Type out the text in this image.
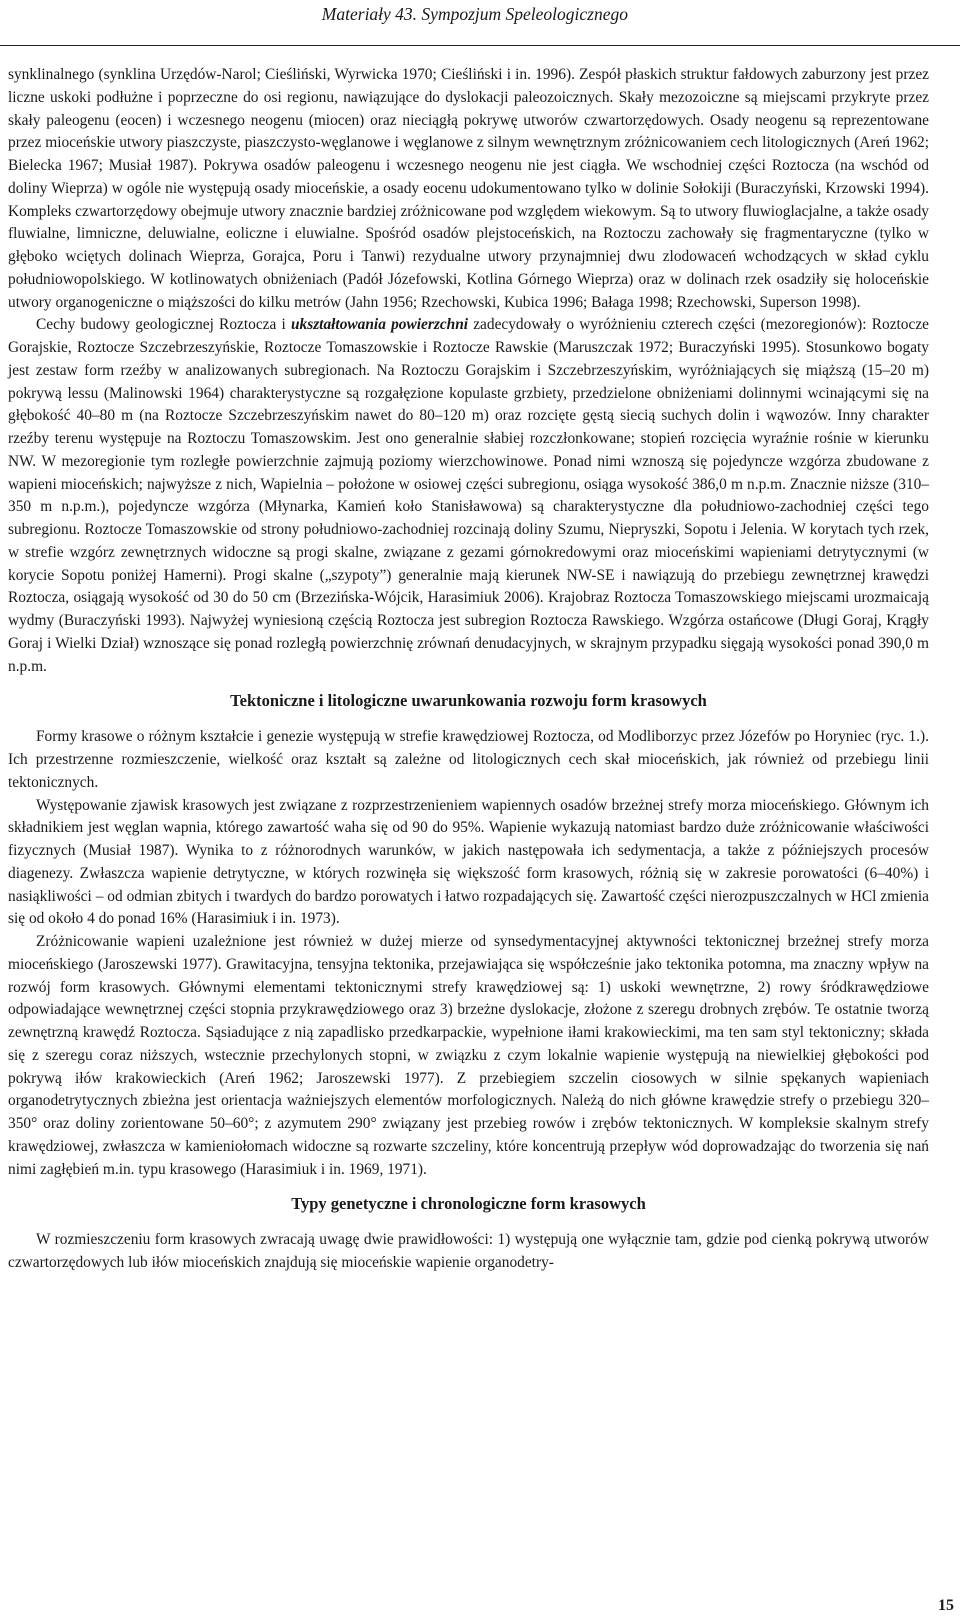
Materiały 43. Sympozjum Speleologicznego

synklinalnego (synklina Urzędów-Narol; Cieśliński, Wyrwicka 1970; Cieśliński i in. 1996). Zespół płaskich struktur fałdowych zaburzony jest przez liczne uskoki podłużne i poprzeczne do osi regionu, nawiązujące do dyslokacji paleozoicznych. Skały mezozoiczne są miejscami przykryte przez skały paleogenu (eocen) i wczesnego neogenu (miocen) oraz nieciągłą pokrywę utworów czwartorzędowych. Osady neogenu są reprezentowane przez mioceńskie utwory piaszczyste, piaszczysto-węglanowe i węglanowe z silnym wewnętrznym zróżnicowaniem cech litologicznych (Areń 1962; Bielecka 1967; Musiał 1987). Pokrywa osadów paleogenu i wczesnego neogenu nie jest ciągła. We wschodniej części Roztocza (na wschód od doliny Wieprza) w ogóle nie występują osady mioceńskie, a osady eocenu udokumentowano tylko w dolinie Sołokiji (Buraczyński, Krzowski 1994). Kompleks czwartorzędowy obejmuje utwory znacznie bardziej zróżnicowane pod względem wiekowym. Są to utwory fluwioglacjalne, a także osady fluwialne, limniczne, deluwialne, eoliczne i eluwialne. Spośród osadów plejstoceńskich, na Roztoczu zachowały się fragmentaryczne (tylko w głęboko wciętych dolinach Wieprza, Gorajca, Poru i Tanwi) rezydualne utwory przynajmniej dwu zlodowaceń wchodzących w skład cyklu południowopolskiego. W kotlinowatych obniżeniach (Padół Józefowski, Kotlina Górnego Wieprza) oraz w dolinach rzek osadziły się holoceńskie utwory organogeniczne o miąższości do kilku metrów (Jahn 1956; Rzechowski, Kubica 1996; Bałaga 1998; Rzechowski, Superson 1998).

Cechy budowy geologicznej Roztocza i ukształtowania powierzchni zadecydowały o wyróżnieniu czterech części (mezoregionów): Roztocze Gorajskie, Roztocze Szczebrzeszyńskie, Roztocze Tomaszowskie i Roztocze Rawskie (Maruszczak 1972; Buraczyński 1995). Stosunkowo bogaty jest zestaw form rzeźby w analizowanych subregionach. Na Roztoczu Gorajskim i Szczebrzeszyńskim, wyróżniających się miąższą (15–20 m) pokrywą lessu (Malinowski 1964) charakterystyczne są rozgałęzione kopulaste grzbiety, przedzielone obniżeniami dolinnymi wcinającymi się na głębokość 40–80 m (na Roztocze Szczebrzeszyńskim nawet do 80–120 m) oraz rozcięte gęstą siecią suchych dolin i wąwozów. Inny charakter rzeźby terenu występuje na Roztoczu Tomaszowskim. Jest ono generalnie słabiej rozczłonkowane; stopień rozcięcia wyraźnie rośnie w kierunku NW. W mezoregionie tym rozległe powierzchnie zajmują poziomy wierzchowinowe. Ponad nimi wznoszą się pojedyncze wzgórza zbudowane z wapieni mioceńskich; najwyższe z nich, Wapielnia – położone w osiowej części subregionu, osiąga wysokość 386,0 m n.p.m. Znacznie niższe (310–350 m n.p.m.), pojedyncze wzgórza (Młynarka, Kamień koło Stanisławowa) są charakterystyczne dla południowo-zachodniej części tego subregionu. Roztocze Tomaszowskie od strony południowo-zachodniej rozcinają doliny Szumu, Niepryszki, Sopotu i Jelenia. W korytach tych rzek, w strefie wzgórz zewnętrznych widoczne są progi skalne, związane z gezami górnokredowymi oraz mioceńskimi wapieniami detrytycznymi (w korycie Sopotu poniżej Hamerni). Progi skalne („szypoty”) generalnie mają kierunek NW-SE i nawiązują do przebiegu zewnętrznej krawędzi Roztocza, osiągają wysokość od 30 do 50 cm (Brzezińska-Wójcik, Harasimiuk 2006). Krajobraz Roztocza Tomaszowskiego miejscami urozmaicają wydmy (Buraczyński 1993). Najwyżej wyniesioną częścią Roztocza jest subregion Roztocza Rawskiego. Wzgórza ostańcowe (Długi Goraj, Krągły Goraj i Wielki Dział) wznoszące się ponad rozległą powierzchnię zrównań denudacyjnych, w skrajnym przypadku sięgają wysokości ponad 390,0 m n.p.m.

Tektoniczne i litologiczne uwarunkowania rozwoju form krasowych

Formy krasowe o różnym kształcie i genezie występują w strefie krawędziowej Roztocza, od Modliborzyc przez Józefów po Horyniec (ryc. 1.). Ich przestrzenne rozmieszczenie, wielkość oraz kształt są zależne od litologicznych cech skał mioceńskich, jak również od przebiegu linii tektonicznych.

Występowanie zjawisk krasowych jest związane z rozprzestrzenieniem wapiennych osadów brzeżnej strefy morza mioceńskiego. Głównym ich składnikiem jest węglan wapnia, którego zawartość waha się od 90 do 95%. Wapienie wykazują natomiast bardzo duże zróżnicowanie właściwości fizycznych (Musiał 1987). Wynika to z różnorodnych warunków, w jakich następowała ich sedymentacja, a także z późniejszych procesów diagenezy. Zwłaszcza wapienie detrytyczne, w których rozwinęła się większość form krasowych, różnią się w zakresie porowatości (6–40%) i nasiąkliwości – od odmian zbitych i twardych do bardzo porowatych i łatwo rozpadających się. Zawartość części nierozpuszczalnych w HCl zmienia się od około 4 do ponad 16% (Harasimiuk i in. 1973).

Zróżnicowanie wapieni uzależnione jest również w dużej mierze od synsedymentacyjnej aktywności tektonicznej brzeżnej strefy morza mioceńskiego (Jaroszewski 1977). Grawitacyjna, tensyjna tektonika, przejawiająca się współcześnie jako tektonika potomna, ma znaczny wpływ na rozwój form krasowych. Głównymi elementami tektonicznymi strefy krawędziowej są: 1) uskoki wewnętrzne, 2) rowy śródkrawędziowe odpowiadające wewnętrznej części stopnia przykrawędziowego oraz 3) brzeżne dyslokacje, złożone z szeregu drobnych zrębów. Te ostatnie tworzą zewnętrzną krawędź Roztocza. Sąsiadujące z nią zapadlisko przedkarpackie, wypełnione iłami krakowieckimi, ma ten sam styl tektoniczny; składa się z szeregu coraz niższych, wstecznie przechylonych stopni, w związku z czym lokalnie wapienie występują na niewielkiej głębokości pod pokrywą iłów krakowieckich (Areń 1962; Jaroszewski 1977). Z przebiegiem szczelin ciosowych w silnie spękanych wapieniach organodetrytycznych zbieżna jest orientacja ważniejszych elementów morfologicznych. Należą do nich główne krawędzie strefy o przebiegu 320–350° oraz doliny zorientowane 50–60°; z azymutem 290° związany jest przebieg rowów i zrębów tektonicznych. W kompleksie skalnym strefy krawędziowej, zwłaszcza w kamieniołomach widoczne są rozwarte szczeliny, które koncentrują przepływ wód doprowadzając do tworzenia się nań nimi zagłębień m.in. typu krasowego (Harasimiuk i in. 1969, 1971).

Typy genetyczne i chronologiczne form krasowych

W rozmieszczeniu form krasowych zwracają uwagę dwie prawidłowości: 1) występują one wyłącznie tam, gdzie pod cienką pokrywą utworów czwartorzędowych lub iłów mioceńskich znajdują się mioceńskie wapienie organodetry-

15
